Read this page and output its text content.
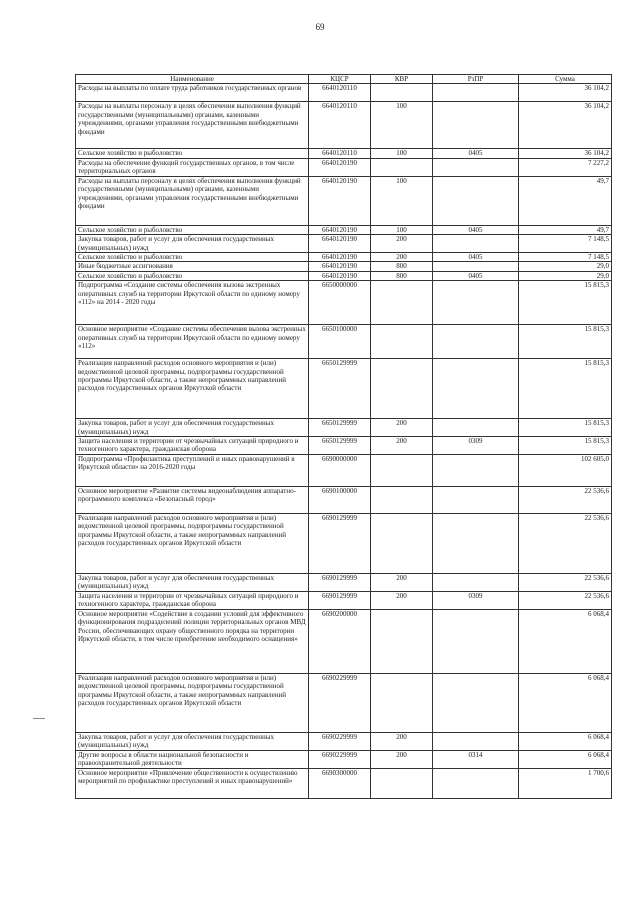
69
Наименование	КЦСР	КВР	РзПР	Сумма
Расходы на выплаты по оплате труда работников государственных органов	6640120110			36 104,2
Расходы на выплаты персоналу в целях обеспечения выполнения функций государственными (муниципальными) органами, казенными учреждениями, органами управления государственными внебюджетными фондами	6640120110	100		36 104,2
Сельское хозяйство и рыболовство	6640120110	100	0405	36 104,2
Расходы на обеспечение функций государственных органов, в том числе территориальных органов	6640120190			7 227,2
Расходы на выплаты персоналу в целях обеспечения выполнения функций государственными (муниципальными) органами, казенными учреждениями, органами управления государственными внебюджетными фондами	6640120190	100		49,7
Сельское хозяйство и рыболовство	6640120190	100	0405	49,7
Закупка товаров, работ и услуг для обеспечения государственных (муниципальных) нужд	6640120190	200		7 148,5
Сельское хозяйство и рыболовство	6640120190	200	0405	7 148,5
Иные бюджетные ассигнования	6640120190	800		29,0
Сельское хозяйство и рыболовство	6640120190	800	0405	29,0
Подпрограмма «Создание системы обеспечения вызова экстренных оперативных служб на территории Иркутской области по единому номеру «112» на 2014 - 2020 годы	6650000000			15 815,3
Основное мероприятие «Создание системы обеспечения вызова экстренных оперативных служб на территории Иркутской области по единому номеру «112»	6650100000			15 815,3
Реализация направлений расходов основного мероприятия и (или) ведомственной целевой программы, подпрограммы государственной программы Иркутской области, а также непрограммных направлений расходов государственных органов Иркутской области	6650129999			15 815,3
Закупка товаров, работ и услуг для обеспечения государственных (муниципальных) нужд	6650129999	200		15 815,3
Защита населения и территории от чрезвычайных ситуаций природного и техногенного характера, гражданская оборона	6650129999	200	0309	15 815,3
Подпрограмма «Профилактика преступлений и иных правонарушений в Иркутской области» на 2016-2020 годы	6690000000			102 605,0
Основное мероприятие «Развитие системы видеонаблюдения аппаратно-программного комплекса «Безопасный город»	6690100000			22 536,6
Реализация направлений расходов основного мероприятия и (или) ведомственной целевой программы, подпрограммы государственной программы Иркутской области, а также непрограммных направлений расходов государственных органов Иркутской области	6690129999			22 536,6
Закупка товаров, работ и услуг для обеспечения государственных (муниципальных) нужд	6690129999	200		22 536,6
Защита населения и территории от чрезвычайных ситуаций природного и техногенного характера, гражданская оборона	6690129999	200	0309	22 536,6
Основное мероприятие «Содействие в создании условий для эффективного функционирования подразделений полиции территориальных органов МВД России, обеспечивающих охрану общественного порядка на территории Иркутской области, в том числе приобретение необходимого оснащения»	6690200000			6 068,4
Реализация направлений расходов основного мероприятия и (или) ведомственной целевой программы, подпрограммы государственной программы Иркутской области, а также непрограммных направлений расходов государственных органов Иркутской области	6690229999			6 068,4
Закупка товаров, работ и услуг для обеспечения государственных (муниципальных) нужд	6690229999	200		6 068,4
Другие вопросы в области национальной безопасности и правоохранительной деятельности	6690229999	200	0314	6 068,4
Основное мероприятие «Привлечение общественности к осуществлению мероприятий по профилактике преступлений и иных правонарушений»	6690300000			1 700,6
